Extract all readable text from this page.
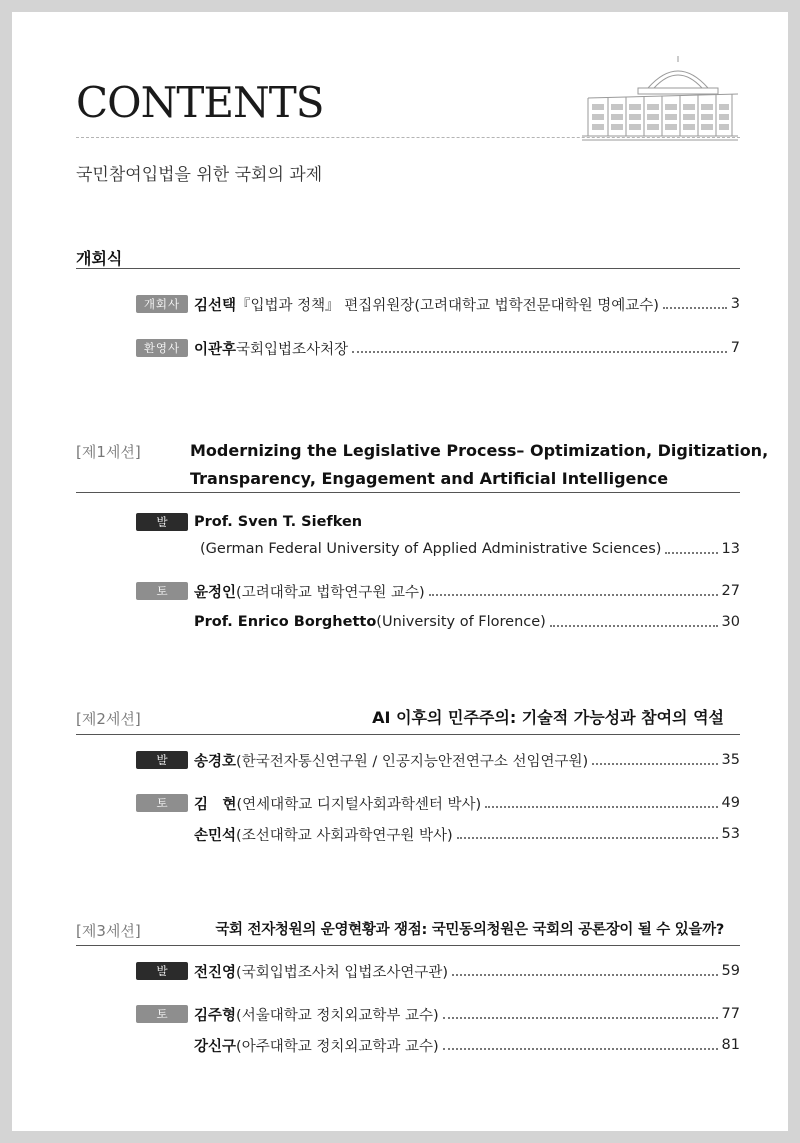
CONTENTS
국민참여입법을 위한 국회의 과제
개회식
개회사 김선택 『입법과 정책』 편집위원장(고려대학교 법학전문대학원 명예교수)	3
환영사 이관후 국회입법조사처장	7
[제1세션]	Modernizing the Legislative Process– Optimization, Digitization,
Transparency, Engagement and Artificial Intelligence
발제
Prof. Sven T. Siefken
(German Federal University of Applied Administrative Sciences)	13
토론
윤정인 (고려대학교 법학연구원 교수)	27
Prof. Enrico Borghetto (University of Florence)	30
[제2세션]	AI 이후의 민주주의: 기술적 가능성과 참여의 역설
발제
송경호 (한국전자통신연구원 / 인공지능안전연구소 선임연구원)	35
토론
김　현 (연세대학교 디지털사회과학센터 박사)	49
손민석 (조선대학교 사회과학연구원 박사)	53
[제3세션]	국회 전자청원의 운영현황과 쟁점: 국민동의청원은 국회의 공론장이 될 수 있을까?
발제
전진영 (국회입법조사처 입법조사연구관)	59
토론
김주형 (서울대학교 정치외교학부 교수)	77
강신구 (아주대학교 정치외교학과 교수)	81
